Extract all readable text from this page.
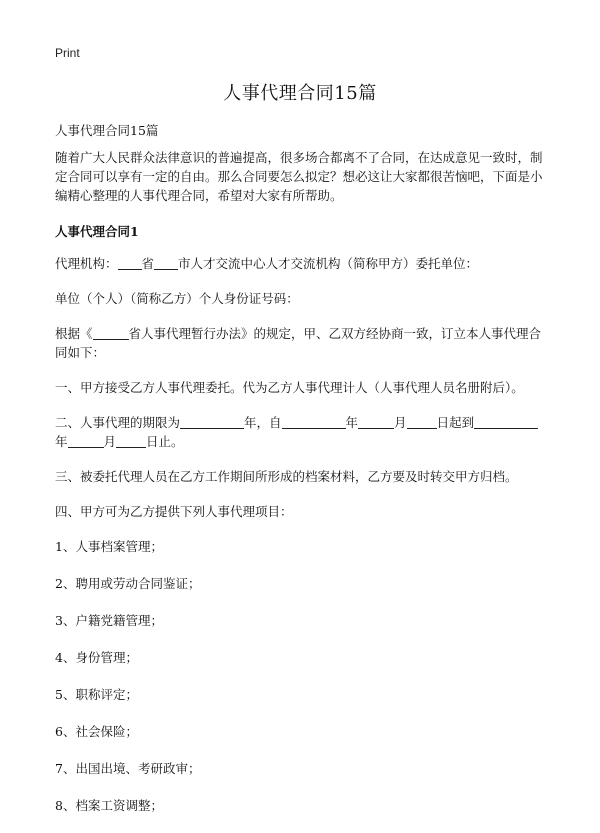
Print
人事代理合同15篇

人事代理合同15篇

随着广大人民群众法律意识的普遍提高，很多场合都离不了合同，在达成意见一致时，制定合同可以享有一定的自由。那么合同要怎么拟定？想必这让大家都很苦恼吧，下面是小编精心整理的人事代理合同，希望对大家有所帮助。

人事代理合同1

代理机构： 省 市人才交流中心人才交流机构（简称甲方）委托单位：

单位（个人）（简称乙方）个人身份证号码：

根据《	省人事代理暂行办法》的规定，甲、乙双方经协商一致，订立本人事代理合同如下：

一、甲方接受乙方人事代理委托。代为乙方人事代理计人（人事代理人员名册附后）。

二、人事代理的期限为	年，自	年	月 日起到年	月 日止。

三、被委托代理人员在乙方工作期间所形成的档案材料，乙方要及时转交甲方归档。

四、甲方可为乙方提供下列人事代理项目：

1、人事档案管理；

2、聘用或劳动合同鉴证；

3、户籍党籍管理；

4、身份管理；

5、职称评定；

6、社会保险；

7、出国出境、考研政审；

8、档案工资调整；
